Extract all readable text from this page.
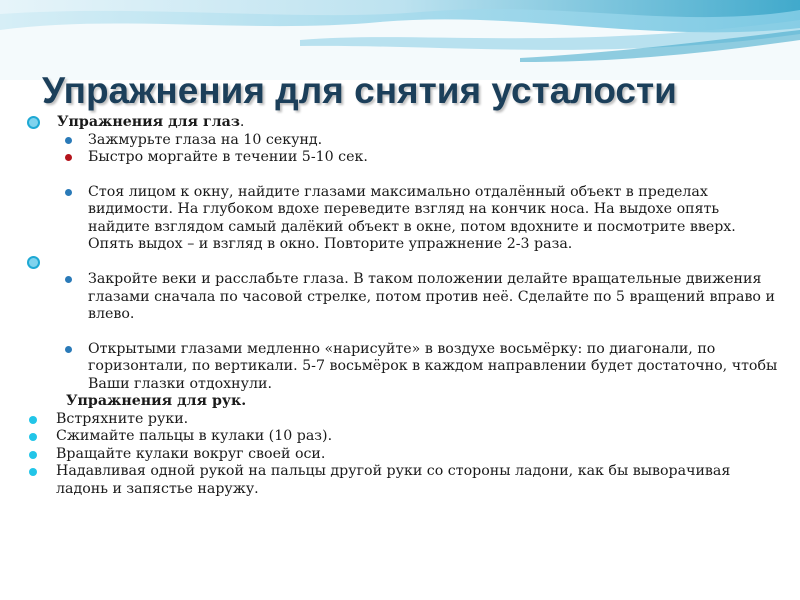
Упражнения для снятия усталости
Упражнения для глаз.
Зажмурьте глаза на 10 секунд.
Быстро моргайте в течении 5-10 сек.
Стоя лицом к окну, найдите глазами максимально отдалённый объект в пределах видимости. На глубоком вдохе переведите взгляд на кончик носа. На выдохе опять найдите взглядом самый далёкий объект в окне, потом вдохните и посмотрите вверх. Опять выдох – и взгляд в окно. Повторите упражнение 2-3 раза.
Закройте веки и расслабьте глаза. В таком положении делайте вращательные движения глазами сначала по часовой стрелке, потом против неё. Сделайте по 5 вращений вправо и влево.
Открытыми глазами медленно «нарисуйте» в воздухе восьмёрку: по диагонали, по горизонтали, по вертикали. 5-7 восьмёрок в каждом направлении будет достаточно, чтобы Ваши глазки отдохнули.
Упражнения для рук.
Встряхните руки.
Сжимайте пальцы в кулаки (10 раз).
Вращайте кулаки вокруг своей оси.
Надавливая одной рукой на пальцы другой руки со стороны ладони, как бы выворачивая ладонь и запястье наружу.
